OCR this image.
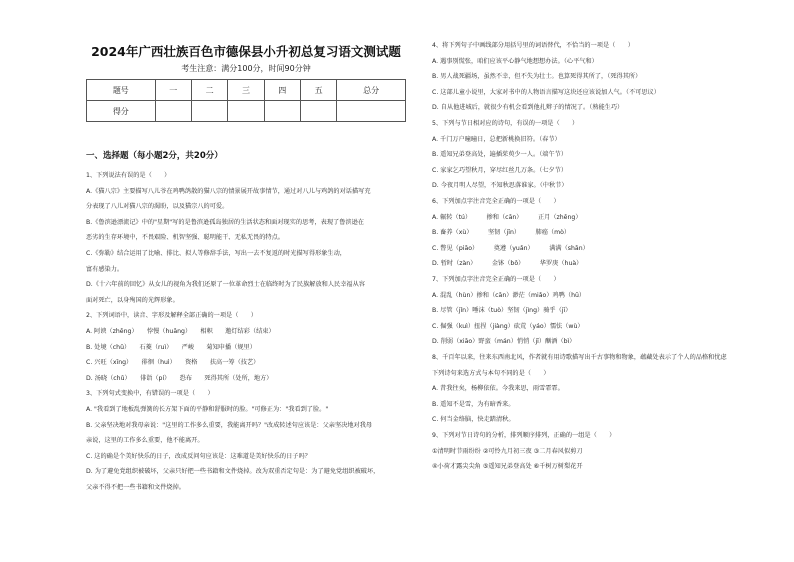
2024年广西壮族百色市德保县小升初总复习语文测试题
考生注意：满分100分，时间90分钟
题号	一	二	三	四	五	总分
得分						
一、选择题（每小题2分，共20分）
1、下列说法有误的是（　　）
A.《猫八宗》主要描写八儿爷在鸡鸭鸽散的猫八宗的情景展开故事情节，通过对八儿与鸡鸽的对话描写充
分表现了八儿对猫八宗的渴盼，以及猫宗八的可爱。
B.《鲁滨逊漂流记》中的"星期"写的是鲁滨逊孤岛独居的生活状态和面对现实的思考，表现了鲁滨逊在
恶劣的生存环境中，不畏艰险、机智坚强、聪明能干、无私无畏的特点。
C.《弥勒》结合运用了比喻、排比、拟人等修辞手法，写出一去不复返的时光描写得形象生动，
富有感染力。
D.《十六年前的回忆》从女儿的视角为我们还原了一位革命烈士在临终时为了民族解放和人民幸福从容
面对死亡，以身殉国的光辉形象。
2、下列词语中，读音、字形及解释全部正确的一项是（　　）
A. 阿谀（zhēng）　　悖慢（huāng）　　相帜　　邀灯结彩（结束）
B. 处境（chǔ）　　石菱（ruì）　　严峻　　菊知申播（规里）
C. 兴旺（xīng）　　徘徊（huì）　　资格　　扶高一筹（技艺）
D. 汤晓（chǔ）　　俳诣（pí）　　恐布　　死得其所（处所，地方）
3、下列句式变换中，有错误的一项是（　　）
A. "我看到了地板乱弹簧的长方架下面的平静和舒服时的脸。"可修正为："我看到了脸。"
B. 父亲坚决地对我母亲说："这里的工作多么重要，我能离开吗？"改成转述句应该是：父亲坚决地对我母
亲说，这里的工作多么重要，他不能离开。
C. 这的确是个美好快乐的日子，改成反问句应该是：这难道是美好快乐的日子吗？
D. 为了避免党组织被破坏，父亲只好把一些书籍和文件烧掉。改为双重否定句是：为了避免党组织被破坏，
父亲不得不把一些书籍和文件烧掉。
4、将下列句子中画线部分用括号里的词语替代，不恰当的一项是（　　）
A. 遇事别慌张，咱们应该平心静气地想想办法。（心平气和）
B. 男人战死疆场，虽然不幸，但不失为壮士。也算死得其所了，（死得其所）
C. 这部儿童小说里，大家对书中的人物语言描写这块还应该说加人气。（不可思议）
D. 自从他进城后，就很少有机会看到他扎辫子的情况了。（熟能生巧）
5、下列与节日相对应的诗句，有误的一项是（　　）
A. 千门万户曈曈日，总把新桃换旧符。（春节）
B. 遥知兄弟登高处，遍插茱萸少一人。（端午节）
C. 家家乞巧望秋月，穿尽红丝几万条。（七夕节）
D. 今夜月明人尽望，不知秋思落谁家。（中秋节）
6、下列加点字注音完全正确的一项是（　　）
A. 辗转（tú）　　　掺和（cān）　　　正月（zhēng）
B. 畜养（xù）　　　坚韧（jīn）　　　肺癌（mò）
C. 瞥见（piāo）　　　奠遵（yuǎn）　　　满满（shān）
D. 暂时（zàn）　　　金钵（bō）　　　华罗庚（huà）
7、下列加点字注音完全正确的一项是（　　）
A. 混乱（hùn）掺和（cān）渺茫（miǎo）鸡鸭（hū）
B. 尽管（jǐn）唾沫（tuò）坚韧（jìng）骑乎（jī）
C. 倔强（kuì）扭捏（jiàng）砍荒（yáo）懦怯（wù）
D. 削弱（xiāo）野蛮（mán）悄悄（jī）酗酒（bì）
8、千百年以来，往来东西南北风，作者就有用诗歌描写出千古事物和物象，蕴藏处表示了个人的品格和忧虑
下列诗句来选方式与本句不同的是（　　）
A. 昔我往矣，杨柳依依。今我来思，雨雪霏霏。
B. 遥知不是雪，为有暗香来。
C. 何当金络脑，快走踏清秋。
9、下列对节日诗句的分析，排列顺序排列，正确的一组是（　　）
①清明时节雨纷纷 ②可怜九月初三夜 ③二月春风似剪刀
④小荷才露尖尖角 ⑤遥知兄弟登高处 ⑥千树万树梨花开
